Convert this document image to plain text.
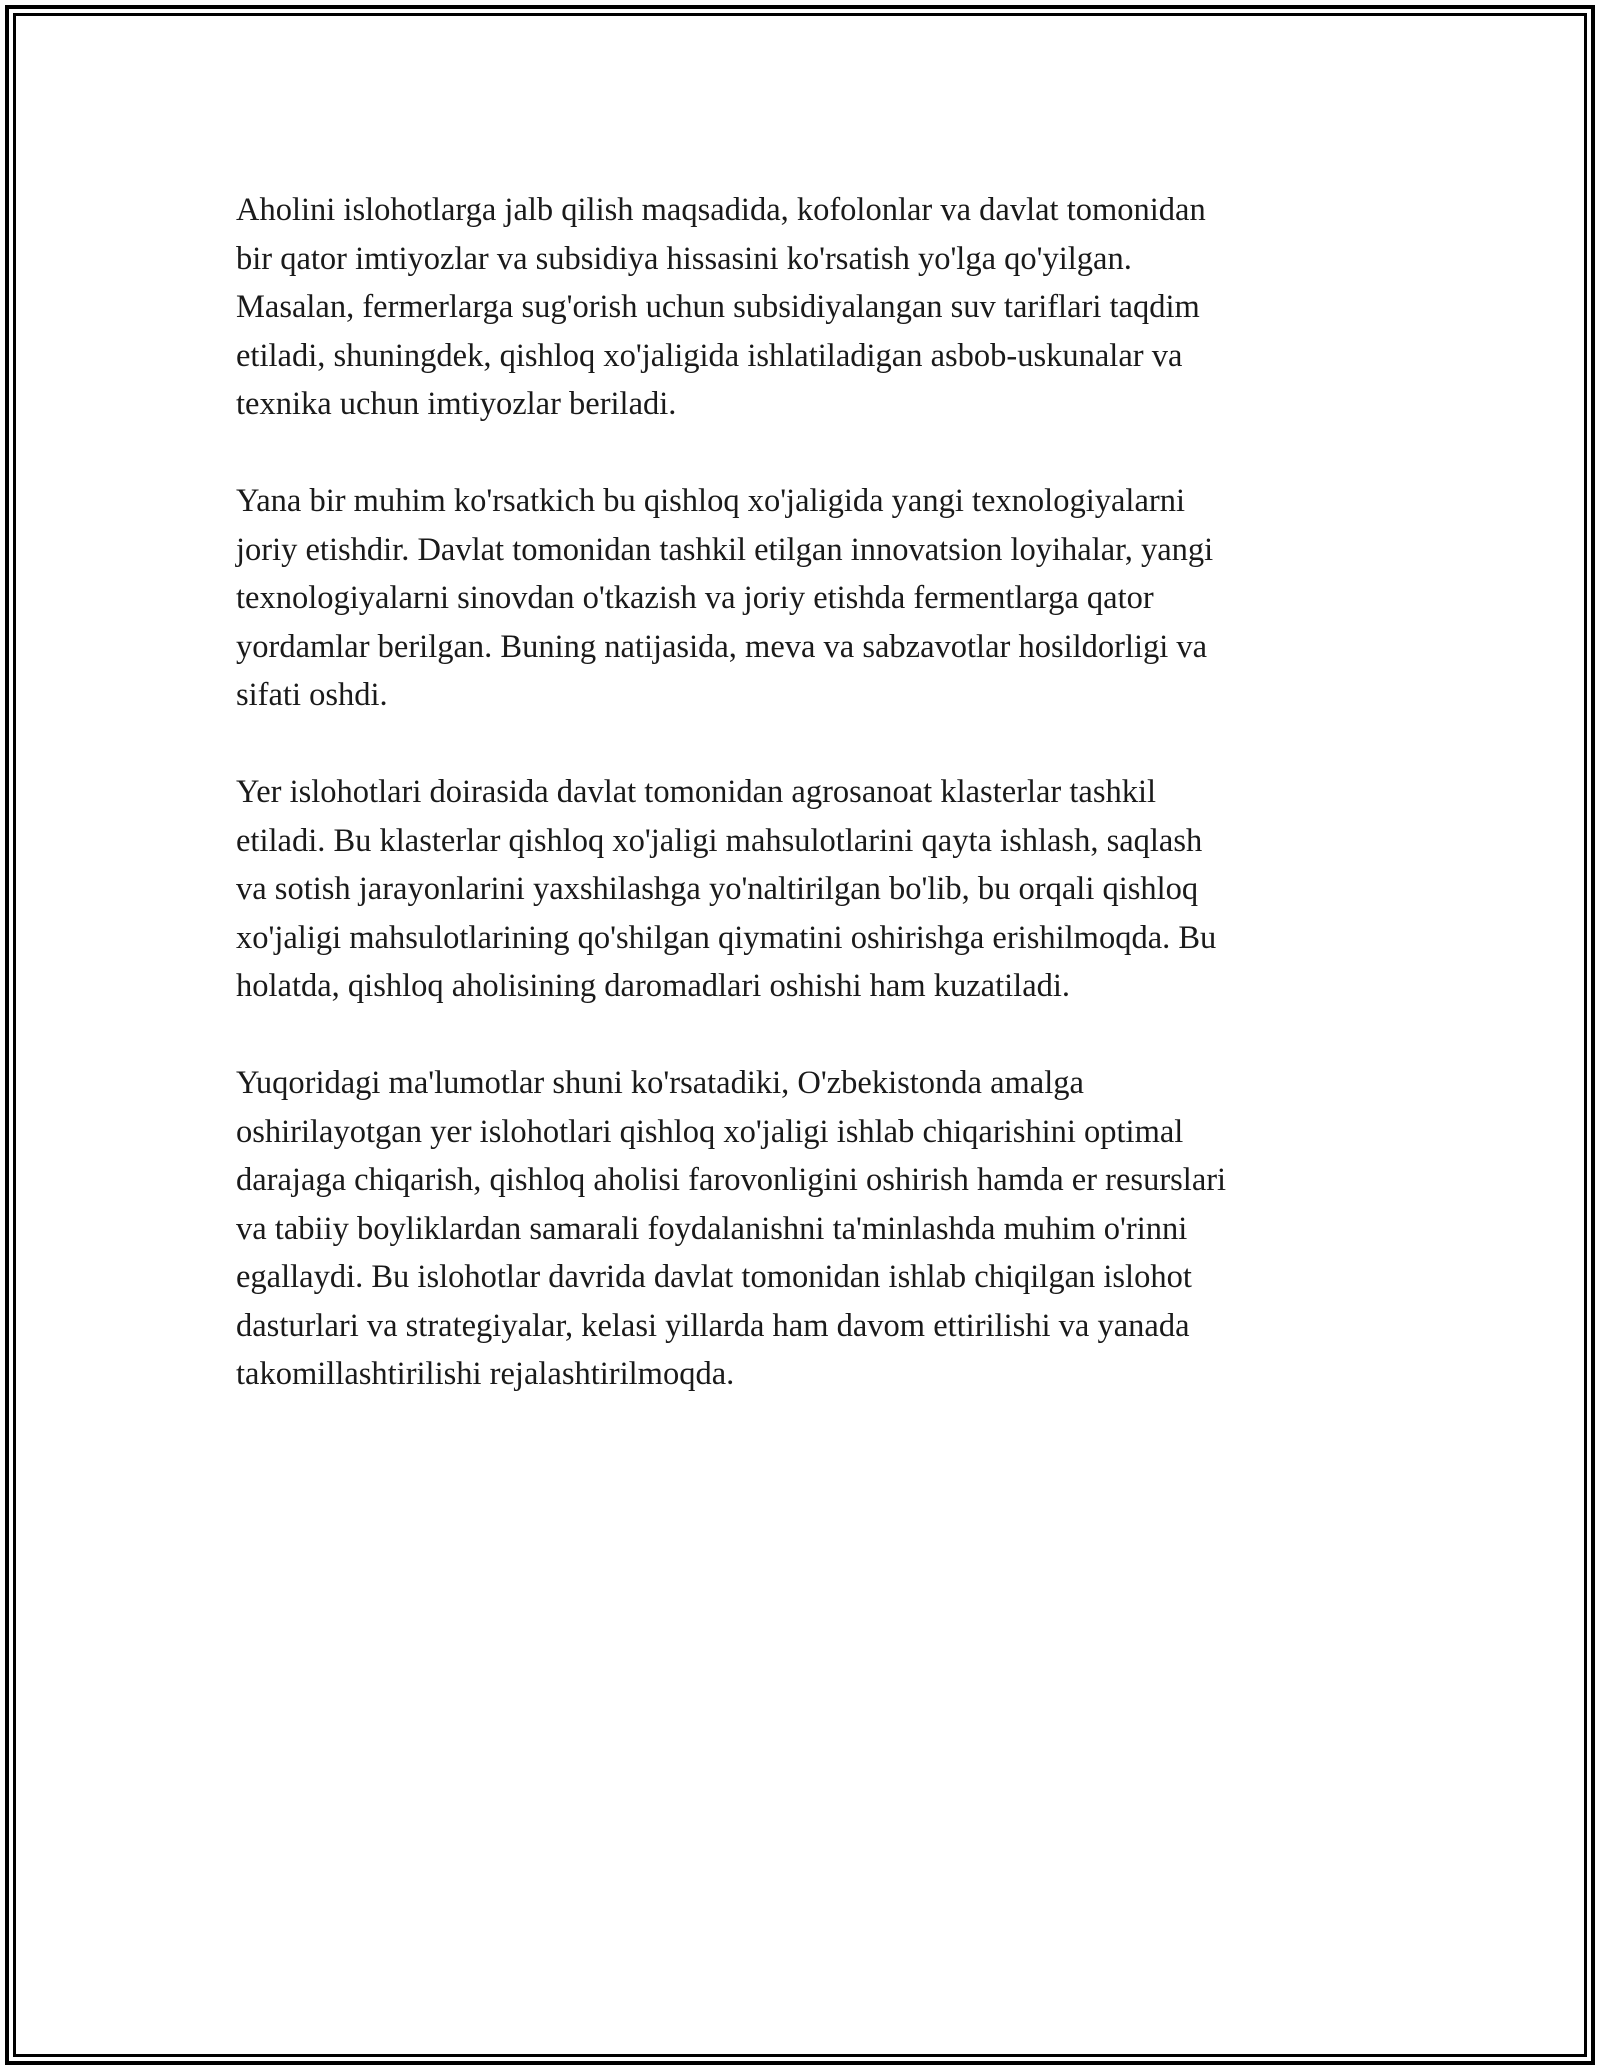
Aholini islohotlarga jalb qilish maqsadida, kofolonlar va davlat tomonidan
bir qator imtiyozlar va subsidiya hissasini ko'rsatish yo'lga qo'yilgan.
Masalan, fermerlarga sug'orish uchun subsidiyalangan suv tariflari taqdim
etiladi, shuningdek, qishloq xo'jaligida ishlatiladigan asbob-uskunalar va
texnika uchun imtiyozlar beriladi.

Yana bir muhim ko'rsatkich bu qishloq xo'jaligida yangi texnologiyalarni
joriy etishdir. Davlat tomonidan tashkil etilgan innovatsion loyihalar, yangi
texnologiyalarni sinovdan o'tkazish va joriy etishda fermentlarga qator
yordamlar berilgan. Buning natijasida, meva va sabzavotlar hosildorligi va
sifati oshdi.

Yer islohotlari doirasida davlat tomonidan agrosanoat klasterlar tashkil
etiladi. Bu klasterlar qishloq xo'jaligi mahsulotlarini qayta ishlash, saqlash
va sotish jarayonlarini yaxshilashga yo'naltirilgan bo'lib, bu orqali qishloq
xo'jaligi mahsulotlarining qo'shilgan qiymatini oshirishga erishilmoqda. Bu
holatda, qishloq aholisining daromadlari oshishi ham kuzatiladi.

Yuqoridagi ma'lumotlar shuni ko'rsatadiki, O'zbekistonda amalga
oshirilayotgan yer islohotlari qishloq xo'jaligi ishlab chiqarishini optimal
darajaga chiqarish, qishloq aholisi farovonligini oshirish hamda er resurslari
va tabiiy boyliklardan samarali foydalanishni ta'minlashda muhim o'rinni
egallaydi. Bu islohotlar davrida davlat tomonidan ishlab chiqilgan islohot
dasturlari va strategiyalar, kelasi yillarda ham davom ettirilishi va yanada
takomillashtirilishi rejalashtirilmoqda.
